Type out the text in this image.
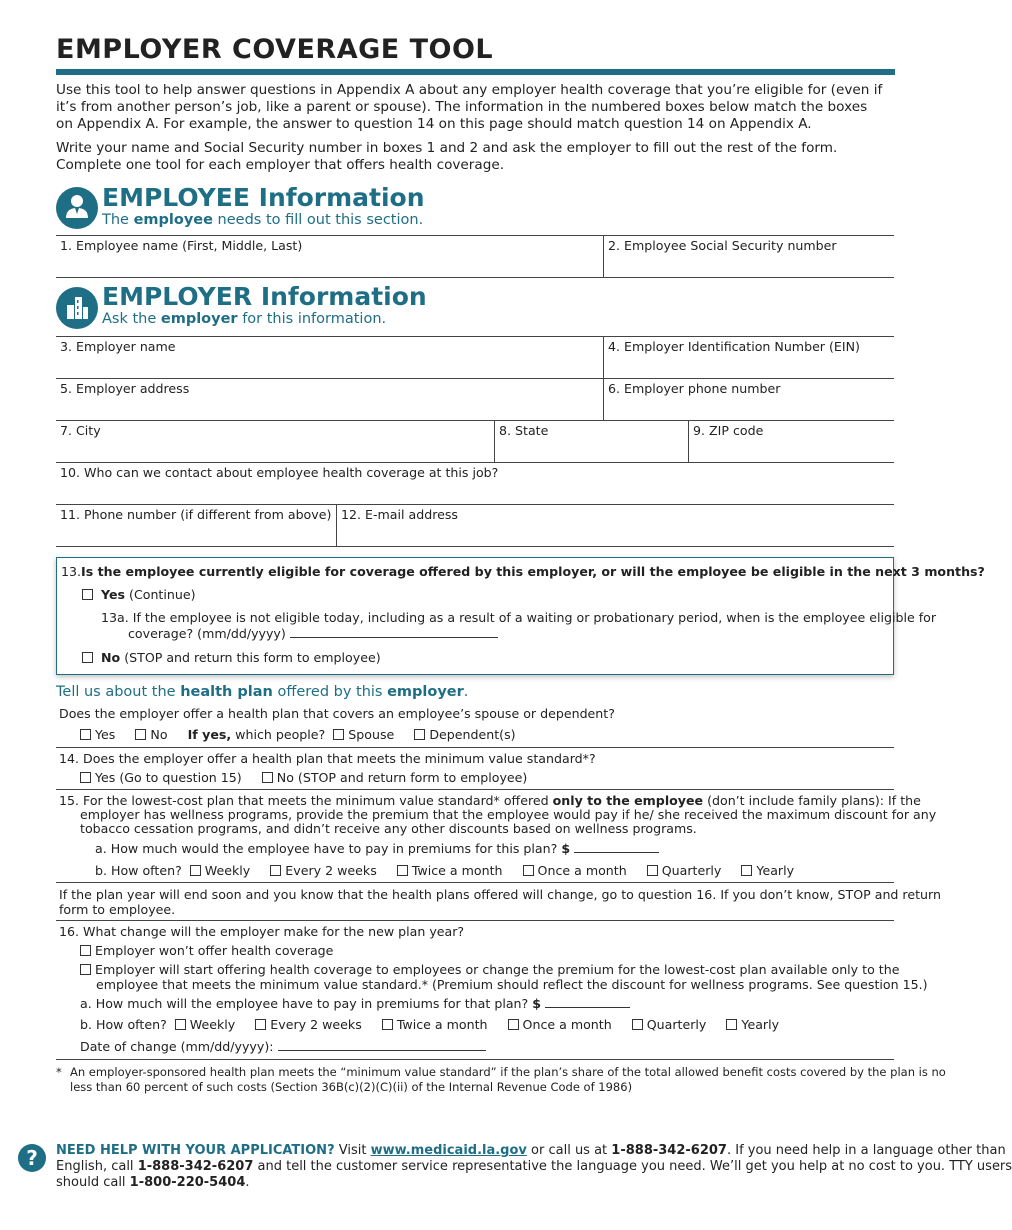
EMPLOYER COVERAGE TOOL

Use this tool to help answer questions in Appendix A about any employer health coverage that you’re eligible for (even if it’s from another person’s job, like a parent or spouse). The information in the numbered boxes below match the boxes on Appendix A. For example, the answer to question 14 on this page should match question 14 on Appendix A.

Write your name and Social Security number in boxes 1 and 2 and ask the employer to fill out the rest of the form. Complete one tool for each employer that offers health coverage.

EMPLOYEE Information
The employee needs to fill out this section.
1. Employee name (First, Middle, Last)	2. Employee Social Security number
EMPLOYER Information
Ask the employer for this information.
3. Employer name	4. Employer Identification Number (EIN)
5. Employer address	6. Employer phone number
7. City	8. State	9. ZIP code
10. Who can we contact about employee health coverage at this job?
11. Phone number (if different from above) 12. E-mail address
13.Is the employee currently eligible for coverage offered by this employer, or will the employee be eligible in the next 3 months?
Yes (Continue)
13a. If the employee is not eligible today, including as a result of a waiting or probationary period, when is the employee eligible for
coverage? (mm/dd/yyyy)
No (STOP and return this form to employee)
Tell us about the health plan offered by this employer.
Does the employer offer a health plan that covers an employee’s spouse or dependent?
Yes	No If yes, which people? Spouse	Dependent(s)
14. Does the employer offer a health plan that meets the minimum value standard*?
Yes (Go to question 15)	No (STOP and return form to employee)
15. For the lowest-cost plan that meets the minimum value standard* offered only to the employee (don’t include family plans): If the
employer has wellness programs, provide the premium that the employee would pay if he/ she received the maximum discount for any
tobacco cessation programs, and didn’t receive any other discounts based on wellness programs.
a. How much would the employee have to pay in premiums for this plan? $
b. How often? Weekly	Every 2 weeks	Twice a month	Once a month	Quarterly	Yearly
If the plan year will end soon and you know that the health plans offered will change, go to question 16. If you don’t know, STOP and return
form to employee.
16. What change will the employer make for the new plan year?
Employer won’t offer health coverage
Employer will start offering health coverage to employees or change the premium for the lowest-cost plan available only to the
employee that meets the minimum value standard.* (Premium should reflect the discount for wellness programs. See question 15.)
a. How much will the employee have to pay in premiums for that plan? $
b. How often? Weekly	Every 2 weeks	Twice a month	Once a month	Quarterly	Yearly
Date of change (mm/dd/yyyy):
* An employer-sponsored health plan meets the “minimum value standard” if the plan’s share of the total allowed benefit costs covered by the plan is no
less than 60 percent of such costs (Section 36B(c)(2)(C)(ii) of the Internal Revenue Code of 1986)
?	NEED HELP WITH YOUR APPLICATION? Visit www.medicaid.la.gov or call us at 1-888-342-6207. If you need help in a language other than
English, call 1-888-342-6207 and tell the customer service representative the language you need. We’ll get you help at no cost to you. TTY users
should call 1-800-220-5404.
